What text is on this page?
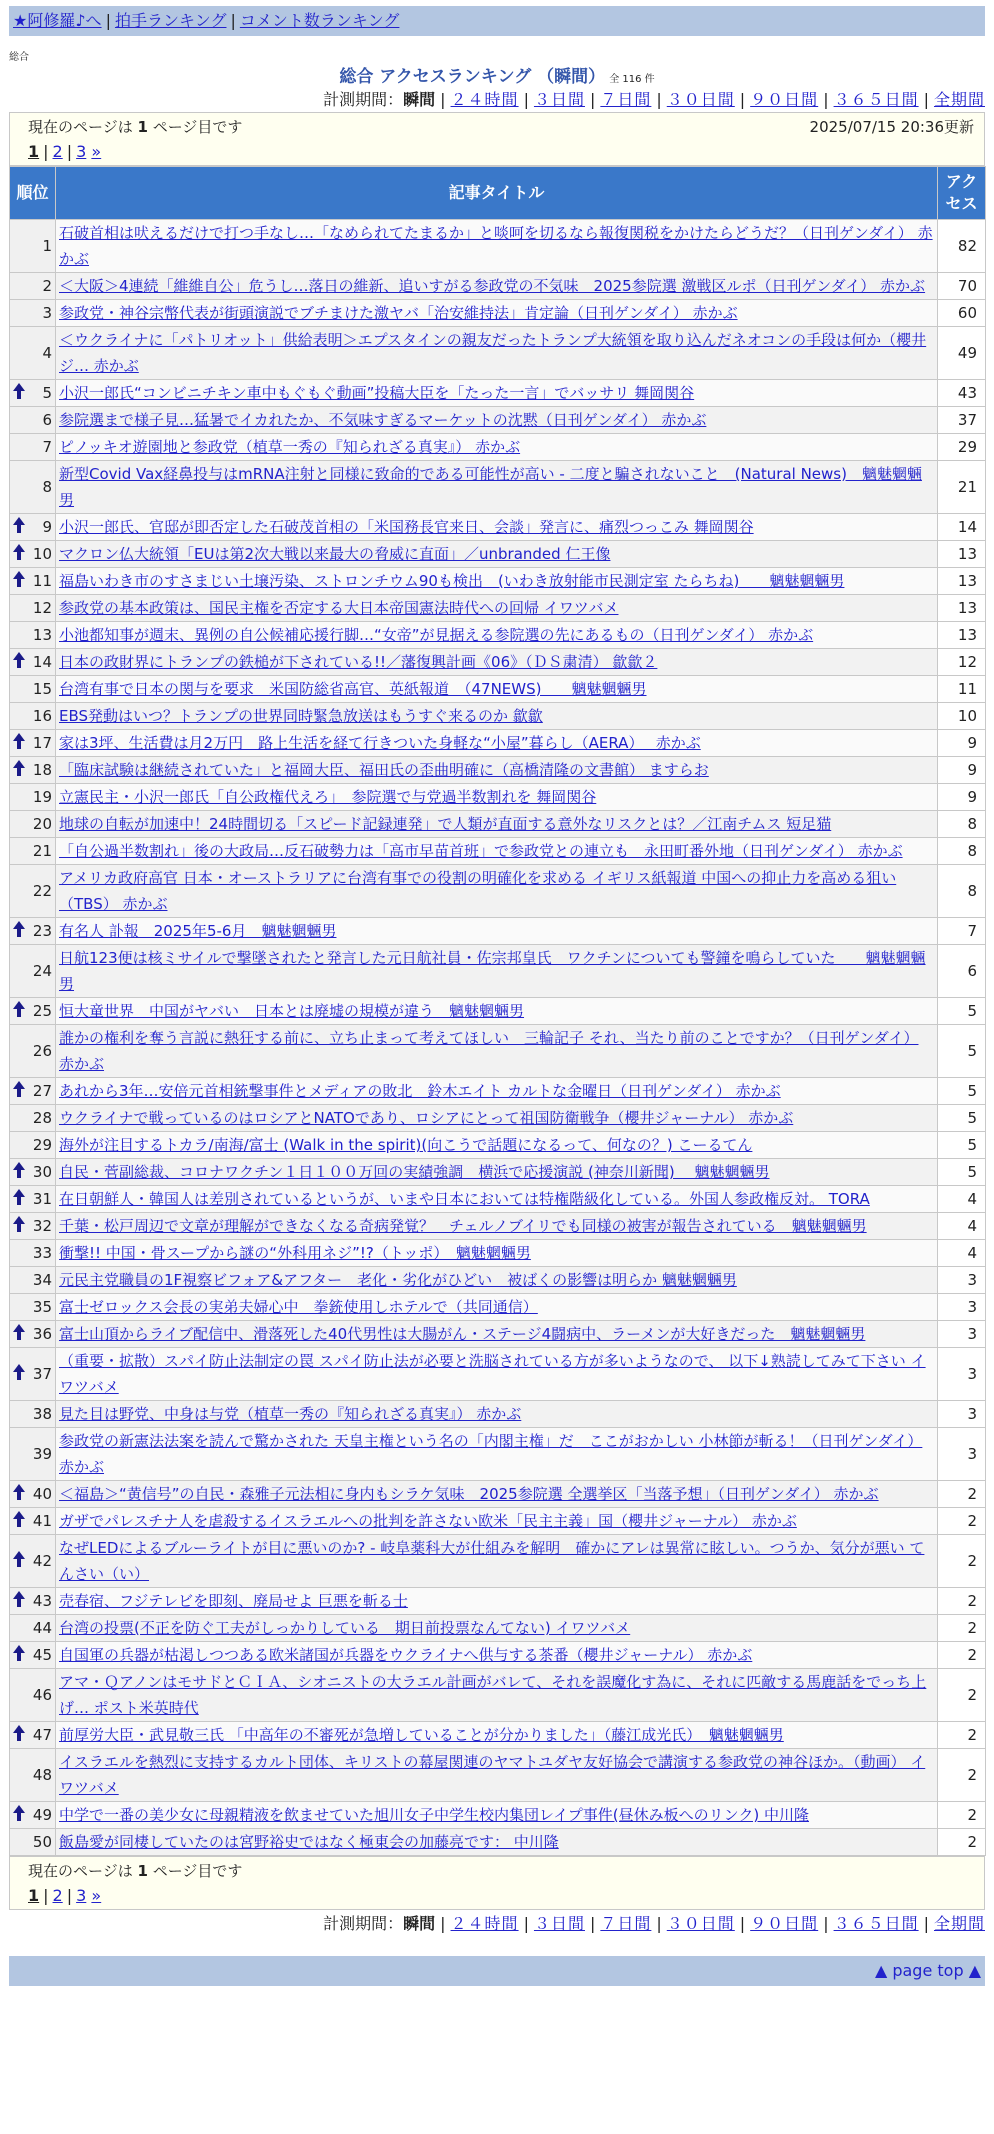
★阿修羅♪へ | 拍手ランキング | コメント数ランキング
総合
総合 アクセスランキング （瞬間） 全 116 件
計測期間：瞬間 | ２４時間 | ３日間 | ７日間 | ３０日間 | ９０日間 | ３６５日間 | 全期間
現在のページは 1 ページ目です	2025/07/15 20:36更新
1 | 2 | 3 »
順位	記事タイトル	アクセス
1	石破首相は吠えるだけで打つ手なし…「なめられてたまるか」と啖呵を切るなら報復関税をかけたらどうだ？（日刊ゲンダイ） 赤かぶ	82
2	＜大阪＞4連続「維維自公」危うし…落日の維新、追いすがる参政党の不気味　2025参院選 激戦区ルポ（日刊ゲンダイ） 赤かぶ	70
3	参政党・神谷宗幣代表が街頭演説でブチまけた激ヤバ「治安維持法」肯定論（日刊ゲンダイ） 赤かぶ	60
4	＜ウクライナに「パトリオット」供給表明＞エプスタインの親友だったトランプ大統領を取り込んだネオコンの手段は何か（櫻井ジ… 赤かぶ	49

5	小沢一郎氏“コンビニチキン車中もぐもぐ動画”投稿大臣を「たった一言」でバッサリ 舞岡関谷	43
6	参院選まで様子見…猛暑でイカれたか、不気味すぎるマーケットの沈黙（日刊ゲンダイ） 赤かぶ	37
7	ピノッキオ遊園地と参政党（植草一秀の『知られざる真実』） 赤かぶ	29
8	新型Covid Vax経鼻投与はmRNA注射と同様に致命的である可能性が高い - 二度と騙されないこと　(Natural News)　魑魅魍魎男	21

9	小沢一郎氏、官邸が即否定した石破茂首相の「米国務長官来日、会談」発言に、痛烈つっこみ 舞岡関谷	14

10	マクロン仏大統領「EUは第2次大戦以来最大の脅威に直面」／unbranded 仁王像	13

11	福島いわき市のすさまじい土壌汚染、ストロンチウム90も検出　(いわき放射能市民測定室 たらちね)　　魑魅魍魎男	13
12	参政党の基本政策は、国民主権を否定する大日本帝国憲法時代への回帰 イワツバメ	13
13	小池都知事が週末、異例の自公候補応援行脚…“女帝”が見据える参院選の先にあるもの（日刊ゲンダイ） 赤かぶ	13

14	日本の政財界にトランプの鉄槌が下されている!!／藩復興計画《06》（ＤＳ粛清） 歙歙２	12
15	台湾有事で日本の関与を要求　米国防総省高官、英紙報道　（47NEWS)　　魑魅魍魎男	11
16	EBS発動はいつ？トランプの世界同時緊急放送はもうすぐ来るのか 歙歙	10

17	家は3坪、生活費は月2万円　路上生活を経て行きついた身軽な“小屋”暮らし（AERA）　 赤かぶ	9

18	「臨床試験は継続されていた」と福岡大臣、福田氏の歪曲明確に（高橋清隆の文書館） ますらお	9
19	立憲民主・小沢一郎氏「自公政権代えろ」　参院選で与党過半数割れを 舞岡関谷	9
20	地球の自転が加速中！24時間切る「スピード記録連発」で人類が直面する意外なリスクとは？／江南チムス 短足猫	8
21	「自公過半数割れ」後の大政局…反石破勢力は「高市早苗首班」で参政党との連立も　永田町番外地（日刊ゲンダイ） 赤かぶ	8
22	アメリカ政府高官 日本・オーストラリアに台湾有事での役割の明確化を求める イギリス紙報道 中国への抑止力を高める狙い（TBS） 赤かぶ	8

23	有名人 訃報　2025年5-6月　魑魅魍魎男	7
24	日航123便は核ミサイルで撃墜されたと発言した元日航社員・佐宗邦皇氏　ワクチンについても警鐘を鳴らしていた　　魑魅魍魎男	6

25	恒大童世界　中国がヤバい　日本とは廃墟の規模が違う　魑魅魍魎男	5
26	誰かの権利を奪う言説に熱狂する前に、立ち止まって考えてほしい　三輪記子 それ、当たり前のことですか？（日刊ゲンダイ） 赤かぶ	5

27	あれから3年…安倍元首相銃撃事件とメディアの敗北　鈴木エイト カルトな金曜日（日刊ゲンダイ） 赤かぶ	5
28	ウクライナで戦っているのはロシアとNATOであり、ロシアにとって祖国防衛戦争（櫻井ジャーナル） 赤かぶ	5
29	海外が注目するトカラ/南海/富士 (Walk in the spirit)(向こうで話題になるって、何なの？) こーるてん	5

30	自民・菅副総裁、コロナワクチン１日１００万回の実績強調　横浜で応援演説 (神奈川新聞)　 魑魅魍魎男	5

31	在日朝鮮人・韓国人は差別されているというが、いまや日本においては特権階級化している。外国人参政権反対。 TORA	4

32	千葉・松戸周辺で文章が理解ができなくなる奇病発覚？　チェルノブイリでも同様の被害が報告されている　魑魅魍魎男	4
33	衝撃!! 中国・骨スープから謎の“外科用ネジ”!?（トッポ）　魑魅魍魎男	4
34	元民主党職員の1F視察ビフォア&アフター　老化・劣化がひどい　被ばくの影響は明らか 魑魅魍魎男	3
35	富士ゼロックス会長の実弟夫婦心中　拳銃使用しホテルで（共同通信）	3

36	富士山頂からライブ配信中、滑落死した40代男性は大腸がん・ステージ4闘病中、ラーメンが大好きだった　魑魅魍魎男	3

37	（重要・拡散）スパイ防止法制定の罠 スパイ防止法が必要と洗脳されている方が多いようなので、 以下↓熟読してみて下さい イワツバメ	3
38	見た目は野党、中身は与党（植草一秀の『知られざる真実』） 赤かぶ	3
39	参政党の新憲法法案を読んで驚かされた 天皇主権という名の「内閣主権」だ　ここがおかしい 小林節が斬る！（日刊ゲンダイ） 赤かぶ	3

40	＜福島＞“黄信号”の自民・森雅子元法相に身内もシラケ気味　2025参院選 全選挙区「当落予想」（日刊ゲンダイ） 赤かぶ	2

41	ガザでパレスチナ人を虐殺するイスラエルへの批判を許さない欧米「民主主義」国（櫻井ジャーナル） 赤かぶ	2

42	なぜLEDによるブルーライトが目に悪いのか? - 岐阜薬科大が仕組みを解明　確かにアレは異常に眩しい。つうか、気分が悪い てんさい（い）	2

43	売春宿、フジテレビを即刻、廃局せよ 巨悪を斬る士	2
44	台湾の投票(不正を防ぐ工夫がしっかりしている　期日前投票なんてない) イワツバメ	2

45	自国軍の兵器が枯渇しつつある欧米諸国が兵器をウクライナへ供与する茶番（櫻井ジャーナル） 赤かぶ	2
46	アマ・ＱアノンはモサドとＣＩＡ、シオニストの大ラエル計画がバレて、それを誤魔化す為に、それに匹敵する馬鹿話をでっち上げ… ポスト米英時代	2

47	前厚労大臣・武見敬三氏 「中高年の不審死が急増していることが分かりました」（藤江成光氏）　魑魅魍魎男	2
48	イスラエルを熱烈に支持するカルト団体、キリストの幕屋関連のヤマトユダヤ友好協会で講演する参政党の神谷ほか。（動画） イワツバメ	2

49	中学で一番の美少女に母親精液を飲ませていた旭川女子中学生校内集団レイプ事件(昼休み板へのリンク) 中川隆	2
50	飯島愛が同棲していたのは宮野裕史ではなく極東会の加藤亮です： 中川隆	2
現在のページは 1 ページ目です
1 | 2 | 3 »
計測期間：瞬間 | ２４時間 | ３日間 | ７日間 | ３０日間 | ９０日間 | ３６５日間 | 全期間
▲ page top ▲
